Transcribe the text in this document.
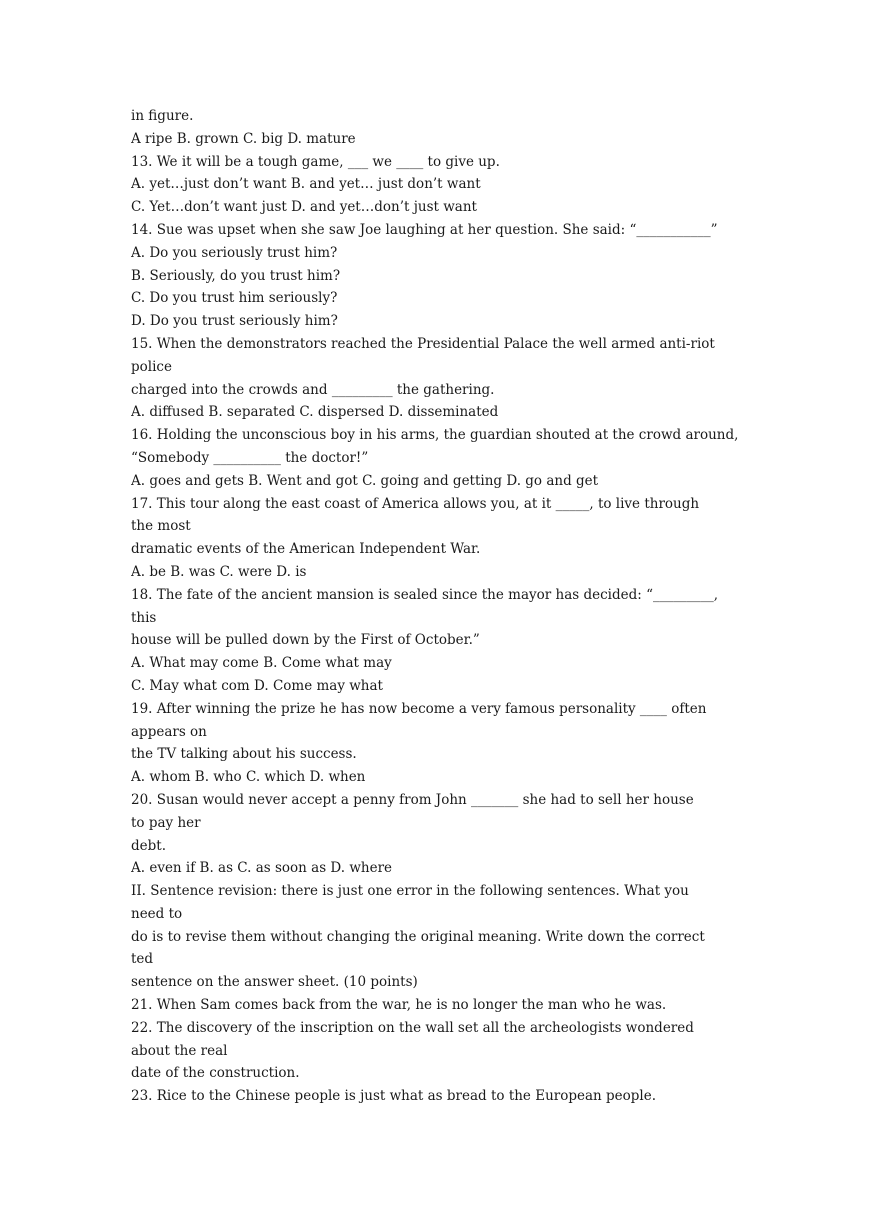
in figure.
A ripe B. grown C. big D. mature
13. We it will be a tough game, ___ we ____ to give up.
A. yet…just don’t want B. and yet… just don’t want
C. Yet…don’t want just D. and yet…don’t just want
14. Sue was upset when she saw Joe laughing at her question. She said: “___________”
A. Do you seriously trust him?
B. Seriously, do you trust him?
C. Do you trust him seriously?
D. Do you trust seriously him?
15. When the demonstrators reached the Presidential Palace the well armed anti-riot
police
charged into the crowds and _________ the gathering.
A. diffused B. separated C. dispersed D. disseminated
16. Holding the unconscious boy in his arms, the guardian shouted at the crowd around,
“Somebody __________ the doctor!”
A. goes and gets B. Went and got C. going and getting D. go and get
17. This tour along the east coast of America allows you, at it _____, to live through
the most
dramatic events of the American Independent War.
A. be B. was C. were D. is
18. The fate of the ancient mansion is sealed since the mayor has decided: “_________,
this
house will be pulled down by the First of October.”
A. What may come B. Come what may
C. May what com D. Come may what
19. After winning the prize he has now become a very famous personality ____ often
appears on
the TV talking about his success.
A. whom B. who C. which D. when
20. Susan would never accept a penny from John _______ she had to sell her house
to pay her
debt.
A. even if B. as C. as soon as D. where
II. Sentence revision: there is just one error in the following sentences. What you
need to
do is to revise them without changing the original meaning. Write down the correct
ted
sentence on the answer sheet. (10 points)
21. When Sam comes back from the war, he is no longer the man who he was.
22. The discovery of the inscription on the wall set all the archeologists wondered
about the real
date of the construction.
23. Rice to the Chinese people is just what as bread to the European people.
